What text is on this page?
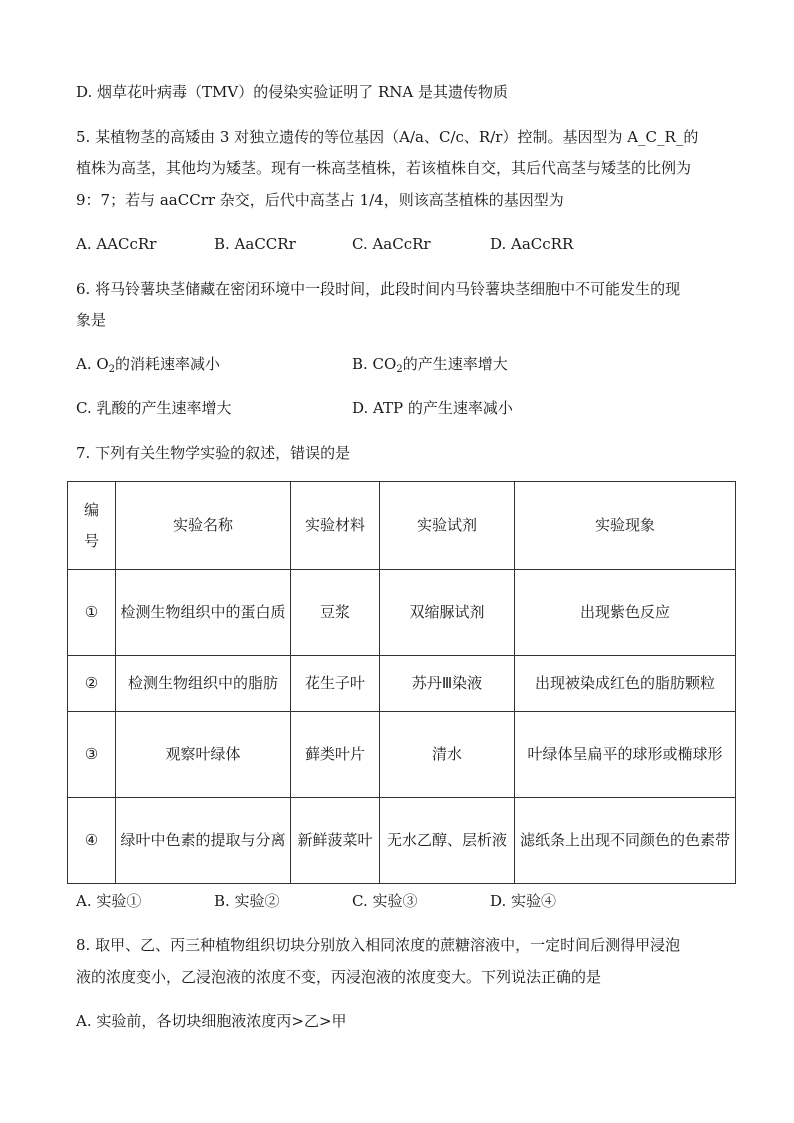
D. 烟草花叶病毒（TMV）的侵染实验证明了 RNA 是其遗传物质
5. 某植物茎的高矮由 3 对独立遗传的等位基因（A/a、C/c、R/r）控制。基因型为 A_C_R_的
植株为高茎，其他均为矮茎。现有一株高茎植株，若该植株自交，其后代高茎与矮茎的比例为
9：7；若与 aaCCrr 杂交，后代中高茎占 1/4，则该高茎植株的基因型为
A. AACcRr	B. AaCCRr	C. AaCcRr	D. AaCcRR
6. 将马铃薯块茎储藏在密闭环境中一段时间，此段时间内马铃薯块茎细胞中不可能发生的现
象是
A. $O_2$的消耗速率减小	B. $CO_2$的产生速率增大
C. 乳酸的产生速率增大	D. ATP 的产生速率减小
7. 下列有关生物学实验的叙述，错误的是
编
号	实验名称	实验材料	实验试剂	实验现象
①	检测生物组织中的蛋白质	豆浆	双缩脲试剂	出现紫色反应
②	检测生物组织中的脂肪	花生子叶	苏丹Ⅲ染液	出现被染成红色的脂肪颗粒
③	观察叶绿体	藓类叶片	清水	叶绿体呈扁平的球形或椭球形
④	绿叶中色素的提取与分离	新鲜菠菜叶	无水乙醇、层析液	滤纸条上出现不同颜色的色素带
A. 实验①	B. 实验②	C. 实验③	D. 实验④
8. 取甲、乙、丙三种植物组织切块分别放入相同浓度的蔗糖溶液中，一定时间后测得甲浸泡
液的浓度变小，乙浸泡液的浓度不变，丙浸泡液的浓度变大。下列说法正确的是
A. 实验前，各切块细胞液浓度丙>乙>甲
